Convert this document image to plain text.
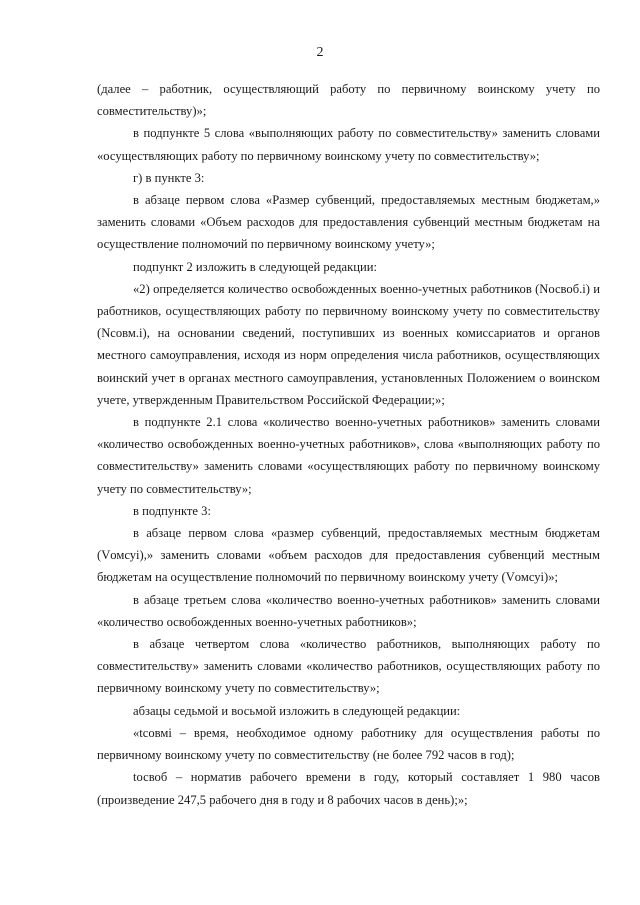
2

(далее – работник, осуществляющий работу по первичному воинскому учету по совместительству)»;

в подпункте 5 слова «выполняющих работу по совместительству» заменить словами «осуществляющих работу по первичному воинскому учету по совместительству»;

г) в пункте 3:

в абзаце первом слова «Размер субвенций, предоставляемых местным бюджетам,» заменить словами «Объем расходов для предоставления субвенций местным бюджетам на осуществление полномочий по первичному воинскому учету»;

подпункт 2 изложить в следующей редакции:

«2) определяется количество освобожденных военно-учетных работников (Nосвоб.i) и работников, осуществляющих работу по первичному воинскому учету по совместительству (Nсовм.i), на основании сведений, поступивших из военных комиссариатов и органов местного самоуправления, исходя из норм определения числа работников, осуществляющих воинский учет в органах местного самоуправления, установленных Положением о воинском учете, утвержденным Правительством Российской Федерации;»;

в подпункте 2.1 слова «количество военно-учетных работников» заменить словами «количество освобожденных военно-учетных работников», слова «выполняющих работу по совместительству» заменить словами «осуществляющих работу по первичному воинскому учету по совместительству»;

в подпункте 3:

в абзаце первом слова «размер субвенций, предоставляемых местным бюджетам (Vомсуi),» заменить словами «объем расходов для предоставления субвенций местным бюджетам на осуществление полномочий по первичному воинскому учету (Vомсуi)»;

в абзаце третьем слова «количество военно-учетных работников» заменить словами «количество освобожденных военно-учетных работников»;

в абзаце четвертом слова «количество работников, выполняющих работу по совместительству» заменить словами «количество работников, осуществляющих работу по первичному воинскому учету по совместительству»;

абзацы седьмой и восьмой изложить в следующей редакции:

«tсовмi – время, необходимое одному работнику для осуществления работы по первичному воинскому учету по совместительству (не более 792 часов в год);

tосвоб – норматив рабочего времени в году, который составляет 1 980 часов (произведение 247,5 рабочего дня в году и 8 рабочих часов в день);»;
